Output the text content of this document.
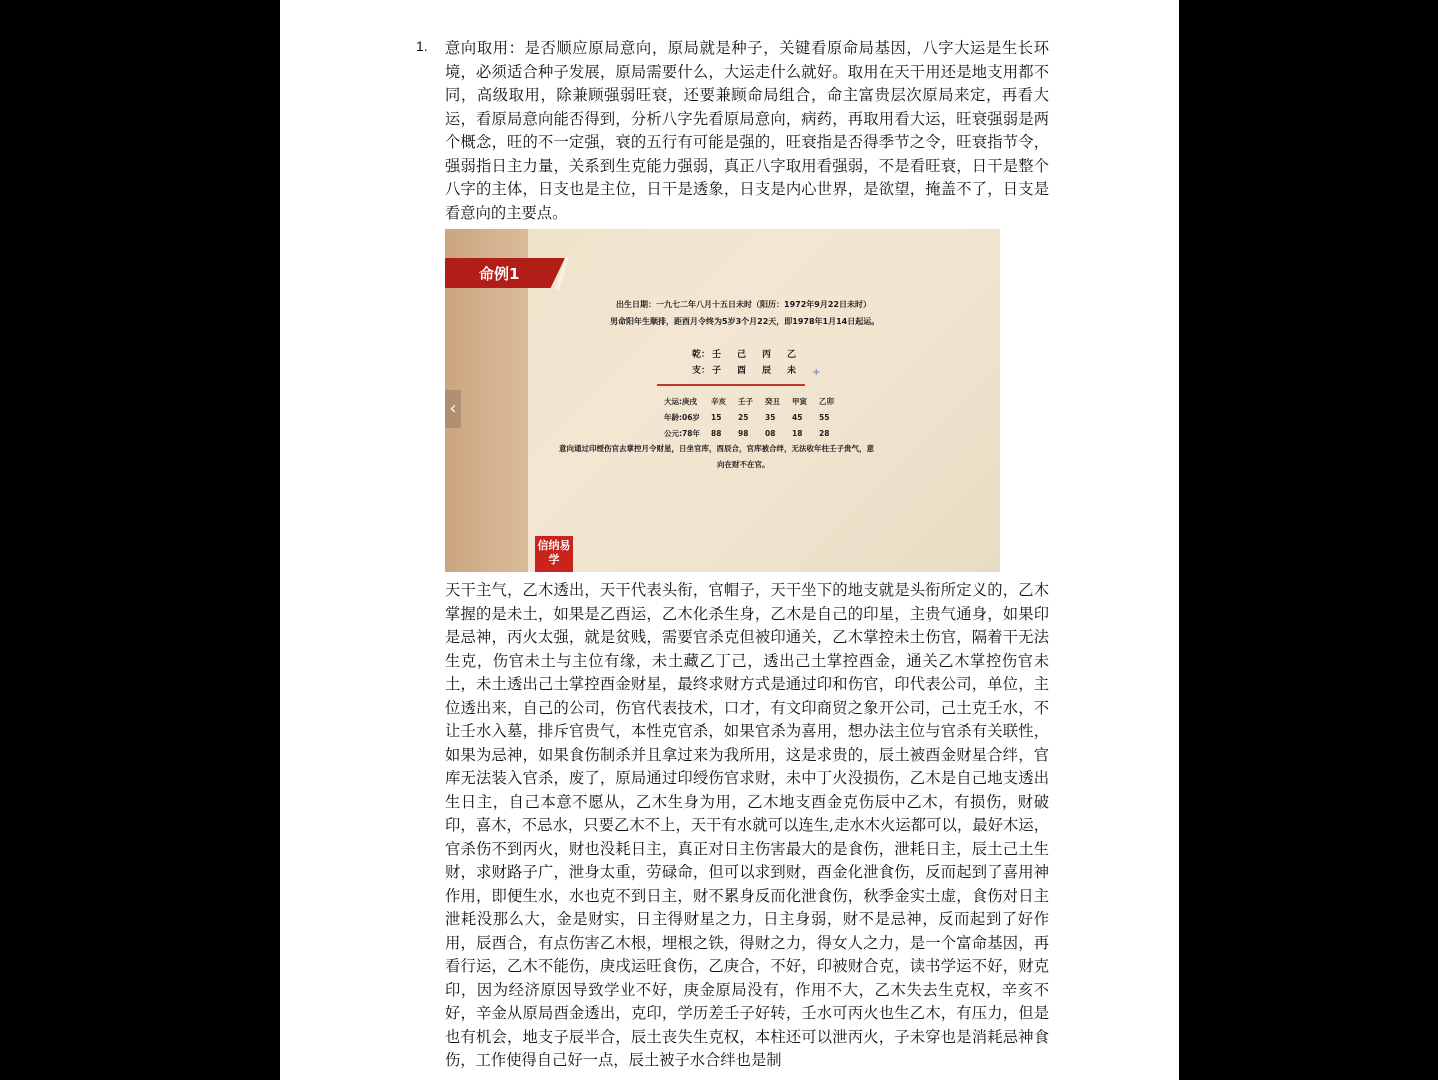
1. 意向取用：是否顺应原局意向，原局就是种子，关键看原命局基因，八字大运是生长环境，必须适合种子发展，原局需要什么，大运走什么就好。取用在天干用还是地支用都不同，高级取用，除兼顾强弱旺衰，还要兼顾命局组合，命主富贵层次原局来定，再看大运，看原局意向能否得到，分析八字先看原局意向，病药，再取用看大运，旺衰强弱是两个概念，旺的不一定强，衰的五行有可能是强的，旺衰指是否得季节之令，旺衰指节令，强弱指日主力量，关系到生克能力强弱，真正八字取用看强弱，不是看旺衰，日干是整个八字的主体，日支也是主位，日干是透象，日支是内心世界，是欲望，掩盖不了，日支是看意向的主要点。

命例1
‹
出生日期：一九七二年八月十五日未时（阳历：1972年9月22日未时）
男命阳年生顺排，距酉月令终为5岁3个月22天，即1978年1月14日起运。
乾： 壬 己 丙 乙
支： 子 酉 辰 未	+
大运:庚戌 辛亥 壬子 癸丑 甲寅 乙卯
年龄:06岁 15 25 35 45 55
公元:78年 88 98 08 18 28
意向通过印绶伤官去掌控月令财星，日坐官库，酉辰合，官库被合绊，无法收年柱壬子贵气，意
向在财不在官。
信纳易学

天干主气，乙木透出，天干代表头衔，官帽子，天干坐下的地支就是头衔所定义的，乙木掌握的是未土，如果是乙酉运，乙木化杀生身，乙木是自己的印星，主贵气通身，如果印是忌神，丙火太强，就是贫贱，需要官杀克但被印通关，乙木掌控未土伤官，隔着干无法生克，伤官未土与主位有缘，未土藏乙丁己，透出己土掌控酉金，通关乙木掌控伤官未土，未土透出己土掌控酉金财星，最终求财方式是通过印和伤官，印代表公司，单位，主位透出来，自己的公司，伤官代表技术，口才，有文印商贸之象开公司，己土克壬水，不让壬水入墓，排斥官贵气，本性克官杀，如果官杀为喜用，想办法主位与官杀有关联性，如果为忌神，如果食伤制杀并且拿过来为我所用，这是求贵的，辰土被酉金财星合绊，官库无法装入官杀，废了，原局通过印绶伤官求财，未中丁火没损伤，乙木是自己地支透出生日主，自己本意不愿从，乙木生身为用，乙木地支酉金克伤辰中乙木，有损伤，财破印，喜木，不忌水，只要乙木不上，天干有水就可以连生,走水木火运都可以，最好木运，官杀伤不到丙火，财也没耗日主，真正对日主伤害最大的是食伤，泄耗日主，辰土己土生财，求财路子广，泄身太重，劳碌命，但可以求到财，酉金化泄食伤，反而起到了喜用神作用，即便生水，水也克不到日主，财不累身反而化泄食伤，秋季金实土虚，食伤对日主泄耗没那么大，金是财实，日主得财星之力，日主身弱，财不是忌神，反而起到了好作用，辰酉合，有点伤害乙木根，埋根之铁，得财之力，得女人之力，是一个富命基因，再看行运，乙木不能伤，庚戌运旺食伤，乙庚合，不好，印被财合克，读书学运不好，财克印，因为经济原因导致学业不好，庚金原局没有，作用不大，乙木失去生克权，辛亥不好，辛金从原局酉金透出，克印，学历差壬子好转，壬水可丙火也生乙木，有压力，但是也有机会，地支子辰半合，辰土丧失生克权，本柱还可以泄丙火，子未穿也是消耗忌神食伤，工作使得自己好一点，辰土被子水合绊也是制
